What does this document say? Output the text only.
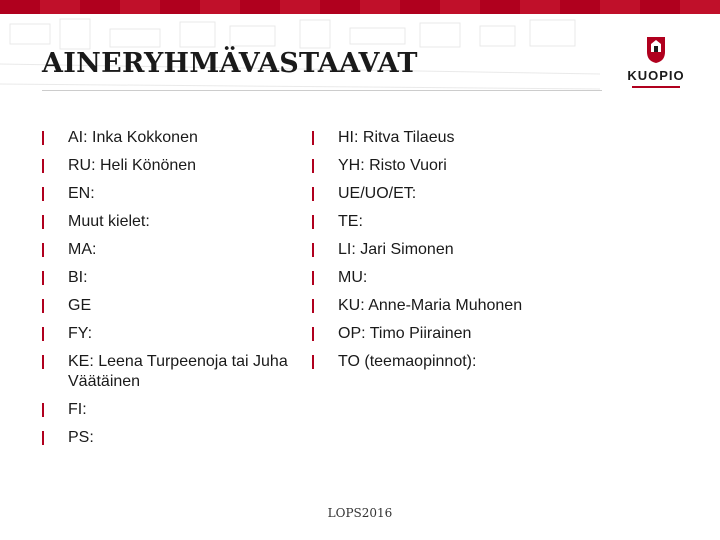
AINERYHMÄVASTAAVAT	KUOPIO
AI: Inka Kokkonen
RU: Heli Könönen
EN:
Muut kielet:
MA:
BI:
GE
FY:
KE: Leena Turpeenoja tai Juha Väätäinen
FI:
PS:
HI: Ritva Tilaeus
YH: Risto Vuori
UE/UO/ET:
TE:
LI: Jari Simonen
MU:
KU: Anne-Maria Muhonen
OP: Timo Piirainen
TO (teemaopinnot):
LOPS2016
